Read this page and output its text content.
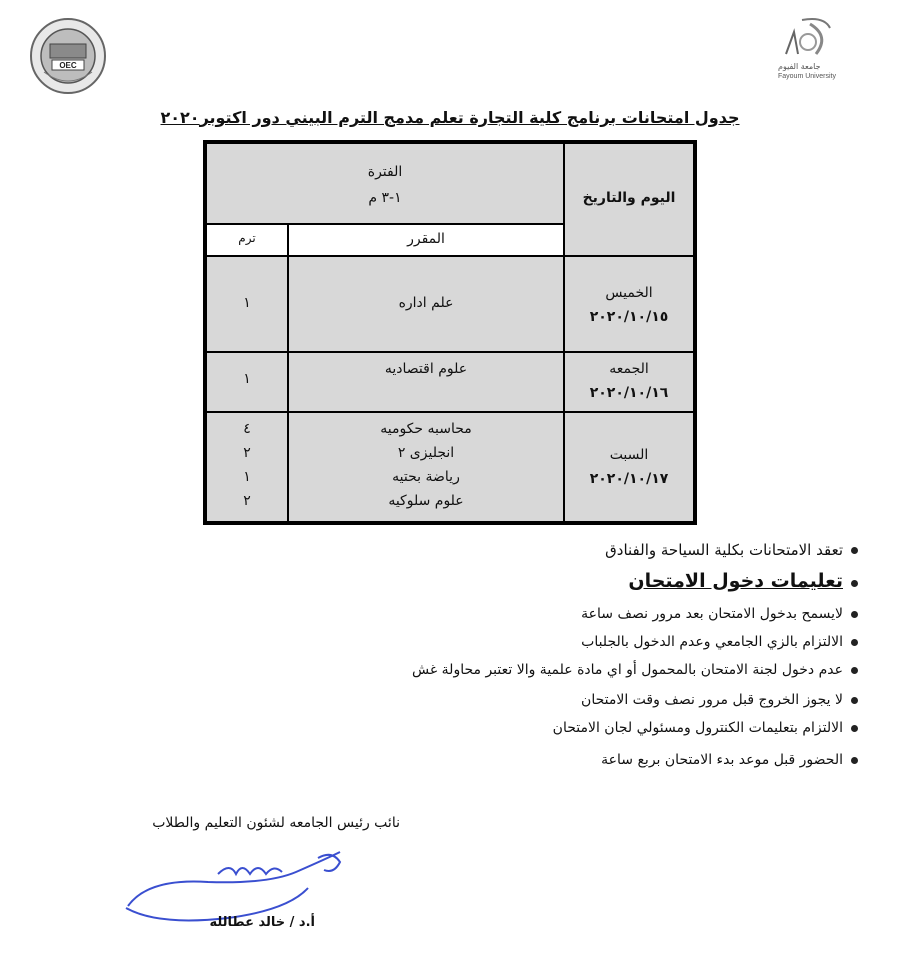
OEC	جامعة الفيوم
Fayoum University
جدول امتحانات برنامج كلية التجارة تعلم مدمج الترم البيني دور اكتوبر٢٠٢٠
اليوم والتاريخ
الفترة
١-٣ م
المقرر
ترم
الخميس
٢٠٢٠/١٠/١٥
علم اداره
١
الجمعه
٢٠٢٠/١٠/١٦
علوم اقتصاديه
١
السبت
٢٠٢٠/١٠/١٧
محاسبه حكوميه
انجليزى ٢
رياضة بحتيه
علوم سلوكيه
٤
٢
١
٢
تعقد الامتحانات بكلية السياحة والفنادق
تعليمات دخول الامتحان
لايسمح بدخول الامتحان بعد مرور نصف ساعة
الالتزام بالزي الجامعي وعدم الدخول بالجلباب
عدم دخول لجنة الامتحان بالمحمول أو اي مادة علمية والا تعتبر محاولة غش
لا يجوز الخروج قبل مرور نصف وقت الامتحان
الالتزام بتعليمات الكنترول ومسئولي لجان الامتحان
الحضور قبل موعد بدء الامتحان بربع ساعة
نائب رئيس الجامعه لشئون التعليم والطلاب
أ.د / خالد عطالله
